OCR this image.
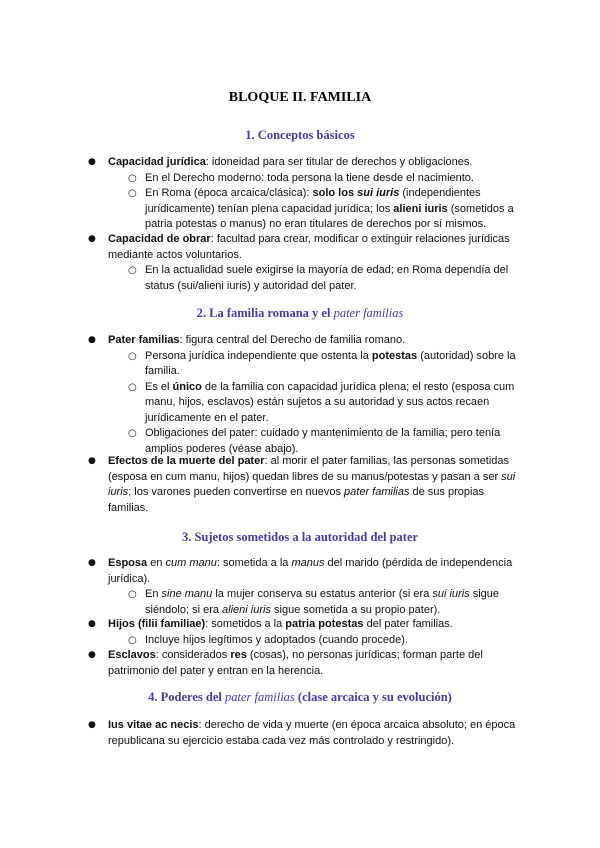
BLOQUE II. FAMILIA
1. Conceptos básicos
● Capacidad jurídica: idoneidad para ser titular de derechos y obligaciones.
○ En el Derecho moderno: toda persona la tiene desde el nacimiento.
○ En Roma (época arcaica/clásica): solo los sui iuris (independientes jurídicamente) tenían plena capacidad jurídica; los alieni iuris (sometidos a patria potestas o manus) no eran titulares de derechos por sí mismos.
● Capacidad de obrar: facultad para crear, modificar o extinguir relaciones jurídicas mediante actos voluntarios.
○ En la actualidad suele exigirse la mayoría de edad; en Roma dependía del status (sui/alieni iuris) y autoridad del pater.
2. La familia romana y el pater familias
● Pater familias: figura central del Derecho de familia romano.
○ Persona jurídica independiente que ostenta la potestas (autoridad) sobre la familia.
○ Es el único de la familia con capacidad jurídica plena; el resto (esposa cum manu, hijos, esclavos) están sujetos a su autoridad y sus actos recaen jurídicamente en el pater.
○ Obligaciones del pater: cuidado y mantenimiento de la familia; pero tenía amplios poderes (véase abajo).
● Efectos de la muerte del pater: al morir el pater familias, las personas sometidas (esposa en cum manu, hijos) quedan libres de su manus/potestas y pasan a ser sui iuris; los varones pueden convertirse en nuevos pater familias de sus propias familias.
3. Sujetos sometidos a la autoridad del pater
● Esposa en cum manu: sometida a la manus del marido (pérdida de independencia jurídica).
○ En sine manu la mujer conserva su estatus anterior (si era sui iuris sigue siéndolo; si era alieni iuris sigue sometida a su propio pater).
● Hijos (filii familiae): sometidos a la patria potestas del pater familias.
○ Incluye hijos legítimos y adoptados (cuando procede).
● Esclavos: considerados res (cosas), no personas jurídicas; forman parte del patrimonio del pater y entran en la herencia.
4. Poderes del pater familias (clase arcaica y su evolución)
● Ius vitae ac necis: derecho de vida y muerte (en época arcaica absoluto; en época republicana su ejercicio estaba cada vez más controlado y restringido).
